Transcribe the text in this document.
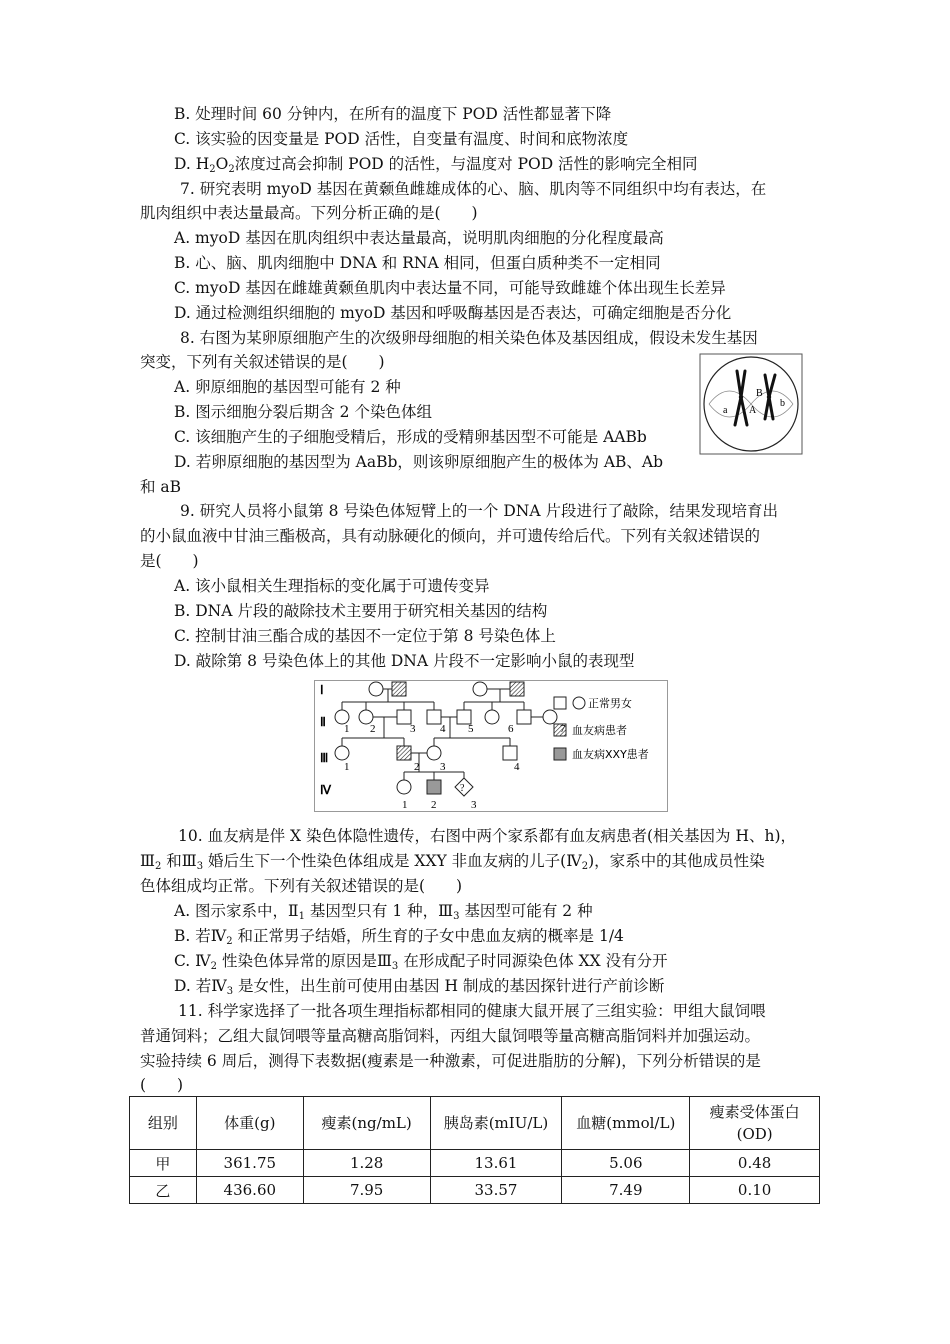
B. 处理时间 60 分钟内，在所有的温度下 POD 活性都显著下降
C. 该实验的因变量是 POD 活性，自变量有温度、时间和底物浓度
D. $H_2O_2$浓度过高会抑制 POD 的活性，与温度对 POD 活性的影响完全相同
7. 研究表明 myoD 基因在黄颡鱼雌雄成体的心、脑、肌肉等不同组织中均有表达，在
肌肉组织中表达量最高。下列分析正确的是(　　)
A. myoD 基因在肌肉组织中表达量最高，说明肌肉细胞的分化程度最高
B. 心、脑、肌肉细胞中 DNA 和 RNA 相同，但蛋白质种类不一定相同
C. myoD 基因在雌雄黄颡鱼肌肉中表达量不同，可能导致雌雄个体出现生长差异
D. 通过检测组织细胞的 myoD 基因和呼吸酶基因是否表达，可确定细胞是否分化
8. 右图为某卵原细胞产生的次级卵母细胞的相关染色体及基因组成，假设未发生基因
突变，下列有关叙述错误的是(　　)
A. 卵原细胞的基因型可能有 2 种
B. 图示细胞分裂后期含 2 个染色体组
C. 该细胞产生的子细胞受精后，形成的受精卵基因型不可能是 AABb
D. 若卵原细胞的基因型为 AaBb，则该卵原细胞产生的极体为 AB、Ab
和 aB
a A
B
b
9. 研究人员将小鼠第 8 号染色体短臂上的一个 DNA 片段进行了敲除，结果发现培育出
的小鼠血液中甘油三酯极高，具有动脉硬化的倾向，并可遗传给后代。下列有关叙述错误的
是(　　)
A. 该小鼠相关生理指标的变化属于可遗传变异
B. DNA 片段的敲除技术主要用于研究相关基因的结构
C. 控制甘油三酯合成的基因不一定位于第 8 号染色体上
D. 敲除第 8 号染色体上的其他 DNA 片段不一定影响小鼠的表现型
Ⅰ
Ⅱ
Ⅲ
Ⅳ	?
1 2	3 4 5	6
1	2 3	4
1 2	3
正常男女
血友病患者
血友病XXY患者
10. 血友病是伴 X 染色体隐性遗传，右图中两个家系都有血友病患者(相关基因为 H、h)，
$Ⅲ_2$ 和$Ⅲ_3$ 婚后生下一个性染色体组成是 XXY 非血友病的儿子$(Ⅳ_2)$，家系中的其他成员性染
色体组成均正常。下列有关叙述错误的是(　　)
A. 图示家系中，$Ⅱ_1$ 基因型只有 1 种，$Ⅲ_3$ 基因型可能有 2 种
B. 若$Ⅳ_2$ 和正常男子结婚，所生育的子女中患血友病的概率是 1/4
C. $Ⅳ_2$ 性染色体异常的原因是$Ⅲ_3$ 在形成配子时同源染色体 XX 没有分开
D. 若$Ⅳ_3$ 是女性，出生前可使用由基因 H 制成的基因探针进行产前诊断
11. 科学家选择了一批各项生理指标都相同的健康大鼠开展了三组实验：甲组大鼠饲喂
普通饲料；乙组大鼠饲喂等量高糖高脂饲料，丙组大鼠饲喂等量高糖高脂饲料并加强运动。
实验持续 6 周后，测得下表数据(瘦素是一种激素，可促进脂肪的分解)，下列分析错误的是
(　　)
组别	体重(g)	瘦素(ng/mL)	胰岛素(mIU/L)	血糖(mmol/L)	瘦素受体蛋白
(OD)
甲	361.75	1.28	13.61	5.06	0.48
乙	436.60	7.95	33.57	7.49	0.10
